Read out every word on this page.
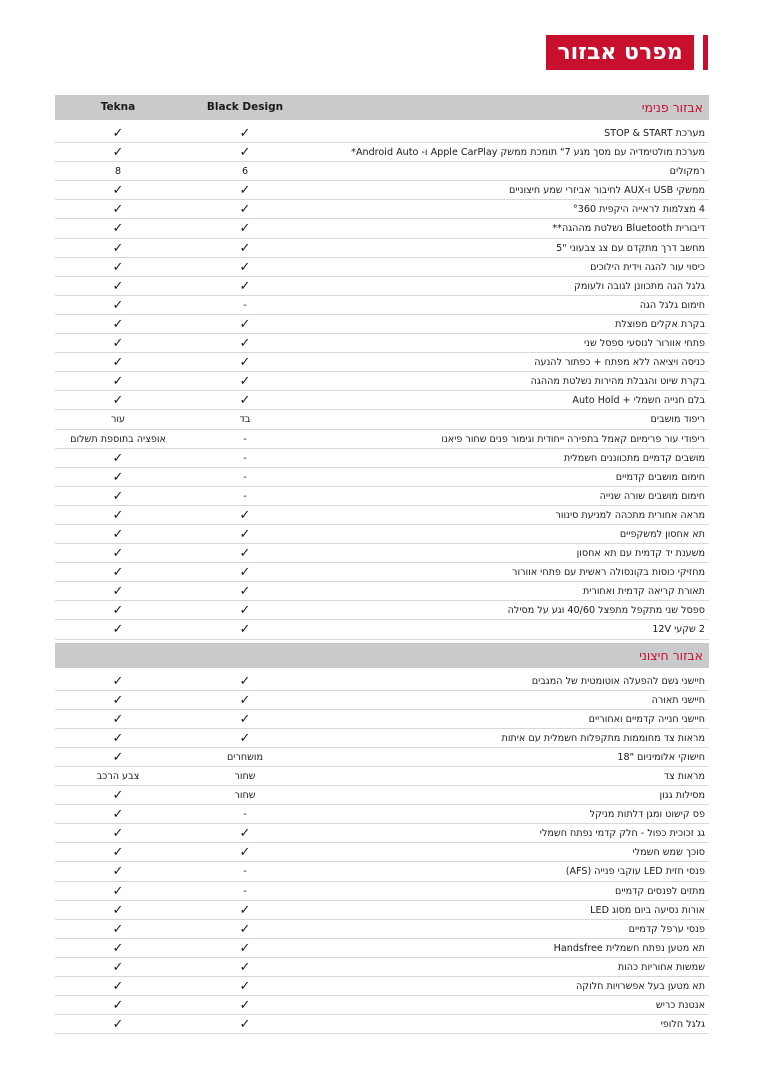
מפרט אבזור
אבזור פנימי
Black Design
Tekna
מערכת STOP & START
✓
✓
מערכת מולטימדיה עם מסך מגע 7" תומכת ממשק Apple CarPlay ו- Android Auto*
✓
✓
רמקולים
6
8
ממשקי USB ו-AUX לחיבור אביזרי שמע חיצוניים
✓
✓
4 מצלמות לראייה היקפית °360
✓
✓
דיבורית Bluetooth נשלטת מההגה**
✓
✓
מחשב דרך מתקדם עם צג צבעוני "5
✓
✓
כיסוי עור להגה וידית הילוכים
✓
✓
גלגל הגה מתכוונן לגובה ולעומק
✓
✓
חימום גלגל הגה
-
✓
בקרת אקלים מפוצלת
✓
✓
פתחי אוורור לנוסעי ספסל שני
✓
✓
כניסה ויציאה ללא מפתח + כפתור להנעה
✓
✓
בקרת שיוט והגבלת מהירות נשלטת מההגה
✓
✓
בלם חנייה חשמלי + Auto Hold
✓
✓
ריפוד מושבים
בד
עור
ריפודי עור פרימיום קאמל בתפירה ייחודית וגימור פנים שחור פיאנו
-
אופציה בתוספת תשלום
מושבים קדמיים מתכווננים חשמלית
-
✓
חימום מושבים קדמיים
-
✓
חימום מושבים שורה שנייה
-
✓
מראה אחורית מתכהה למניעת סינוור
✓
✓
תא אחסון למשקפיים
✓
✓
משענת יד קדמית עם תא אחסון
✓
✓
מחזיקי כוסות בקונסולה ראשית עם פתחי אוורור
✓
✓
תאורת קריאה קדמית ואחורית
✓
✓
ספסל שני מתקפל מתפצל 40/60 וגע על מסילה
✓
✓
2 שקעי 12V
✓
✓
אבזור חיצוני
חיישני גשם להפעלה אוטומטית של המגבים
✓
✓
חיישני תאורה
✓
✓
חיישני חנייה קדמיים ואחוריים
✓
✓
מראות צד מחוממות מתקפלות חשמלית עם איתות
✓
✓
חישוקי אלומיניום "18
מושחרים
✓
מראות צד
שחור
צבע הרכב
מסילות גגון
שחור
✓
פס קישוט ומגן דלתות מניקל
-
✓
גג זכוכית כפול - חלק קדמי נפתח חשמלי
✓
✓
סוכך שמש חשמלי
✓
✓
פנסי חזית LED עוקבי פנייה (AFS)
-
✓
מתזים לפנסים קדמיים
-
✓
אורות נסיעה ביום מסוג LED
✓
✓
פנסי ערפל קדמיים
✓
✓
תא מטען נפתח חשמלית Handsfree
✓
✓
שמשות אחוריות כהות
✓
✓
תא מטען בעל אפשרויות חלוקה
✓
✓
אנטנת כריש
✓
✓
גלגל חלופי
✓
✓
